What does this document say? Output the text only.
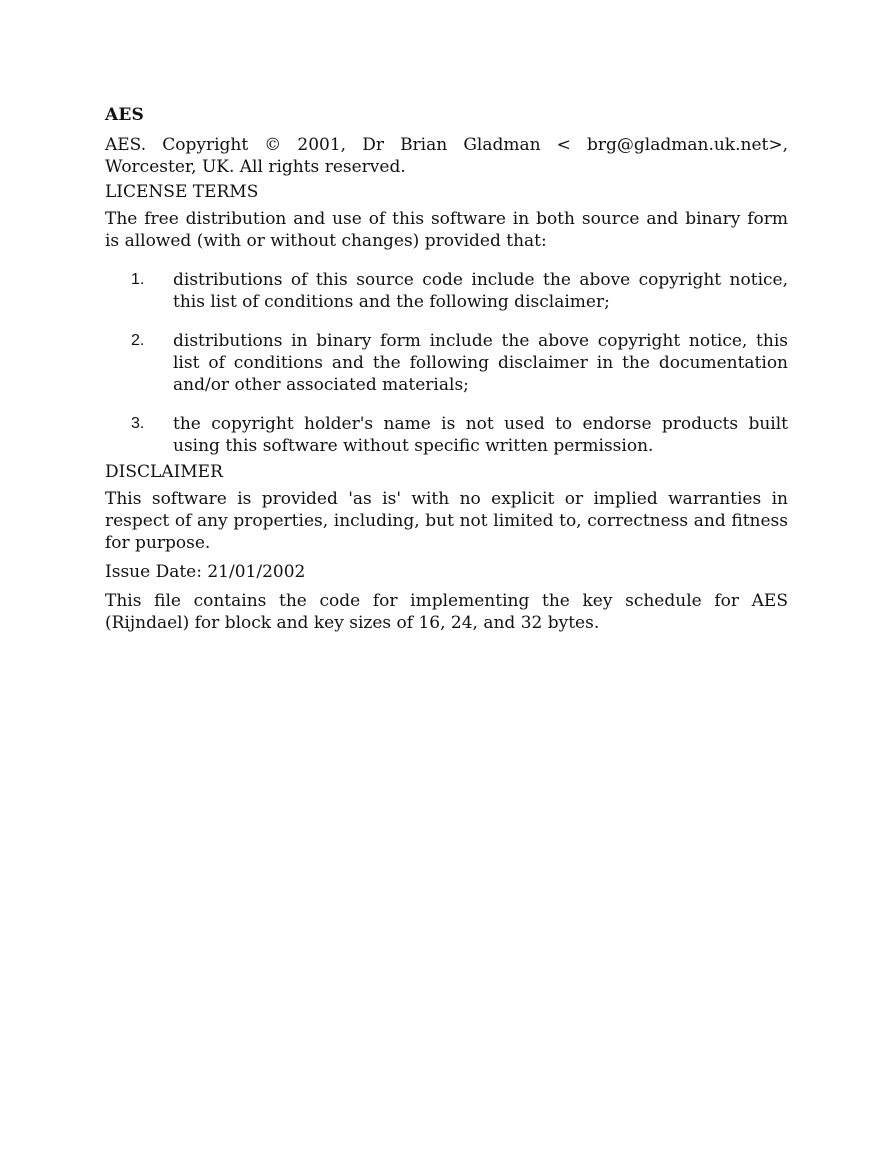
AES

AES. Copyright © 2001, Dr Brian Gladman < brg@gladman.uk.net>, Worcester, UK. All rights reserved.

LICENSE TERMS

The free distribution and use of this software in both source and binary form is allowed (with or without changes) provided that:

1.	distributions of this source code include the above copyright notice, this list of conditions and the following disclaimer;
2.	distributions in binary form include the above copyright notice, this list of conditions and the following disclaimer in the documentation and/or other associated materials;
3.	the copyright holder's name is not used to endorse products built using this software without specific written permission.
DISCLAIMER

This software is provided 'as is' with no explicit or implied warranties in respect of any properties, including, but not limited to, correctness and fitness for purpose.

Issue Date: 21/01/2002

This file contains the code for implementing the key schedule for AES (Rijndael) for block and key sizes of 16, 24, and 32 bytes.
